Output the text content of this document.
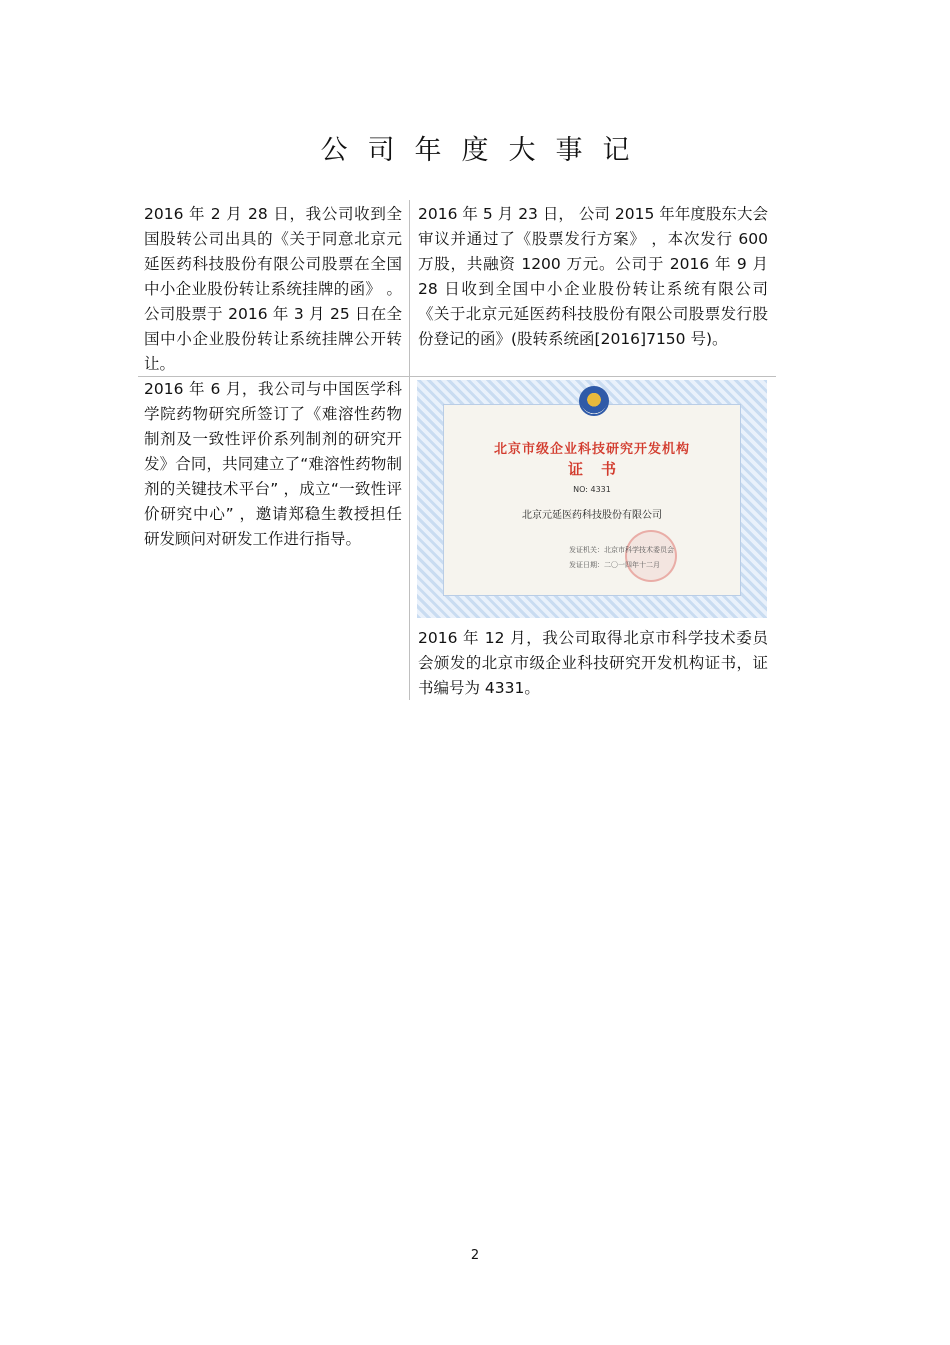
公司年度大事记
2016 年 2 月 28 日，我公司收到全国股转公司出具的《关于同意北京元延医药科技股份有限公司股票在全国中小企业股份转让系统挂牌的函》 。公司股票于 2016 年 3 月 25 日在全国中小企业股份转让系统挂牌公开转让。
2016 年 5 月 23 日， 公司 2015 年年度股东大会审议并通过了《股票发行方案》 ，本次发行 600 万股，共融资 1200 万元。公司于 2016 年 9 月 28 日收到全国中小企业股份转让系统有限公司《关于北京元延医药科技股份有限公司股票发行股份登记的函》(股转系统函[2016]7150 号)。
2016 年 6 月，我公司与中国医学科学院药物研究所签订了《难溶性药物制剂及一致性评价系列制剂的研究开发》合同，共同建立了“难溶性药物制剂的关键技术平台” ，成立“一致性评价研究中心” ，邀请郑稳生教授担任研发顾问对研发工作进行指导。
北京市级企业科技研究开发机构
证书
NO: 4331
北京元延医药科技股份有限公司
发证机关：北京市科学技术委员会
发证日期：二〇一四年十二月
2016 年 12 月，我公司取得北京市科学技术委员会颁发的北京市级企业科技研究开发机构证书，证书编号为 4331。
2
